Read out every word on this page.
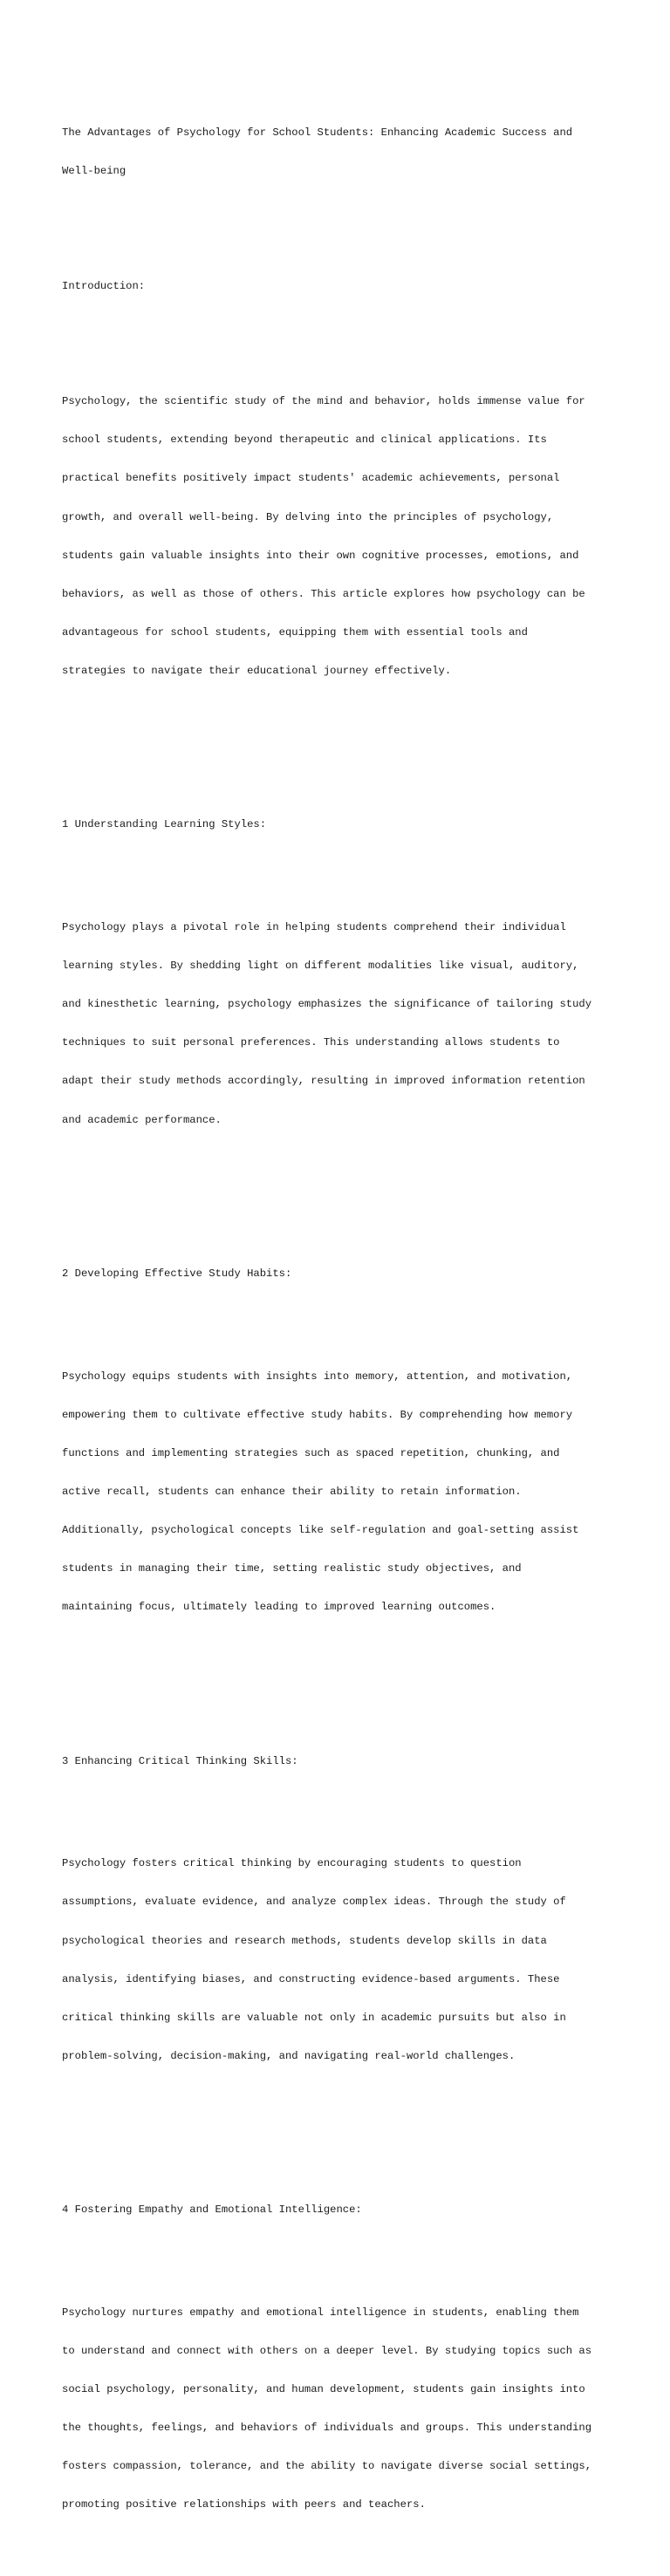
The Advantages of Psychology for School Students: Enhancing Academic Success and

Well-being

Introduction:

Psychology, the scientific study of the mind and behavior, holds immense value for

school students, extending beyond therapeutic and clinical applications. Its

practical benefits positively impact students' academic achievements, personal

growth, and overall well-being. By delving into the principles of psychology,

students gain valuable insights into their own cognitive processes, emotions, and

behaviors, as well as those of others. This article explores how psychology can be

advantageous for school students, equipping them with essential tools and

strategies to navigate their educational journey effectively.

1 Understanding Learning Styles:

Psychology plays a pivotal role in helping students comprehend their individual

learning styles. By shedding light on different modalities like visual, auditory,

and kinesthetic learning, psychology emphasizes the significance of tailoring study

techniques to suit personal preferences. This understanding allows students to

adapt their study methods accordingly, resulting in improved information retention

and academic performance.

2 Developing Effective Study Habits:

Psychology equips students with insights into memory, attention, and motivation,

empowering them to cultivate effective study habits. By comprehending how memory

functions and implementing strategies such as spaced repetition, chunking, and

active recall, students can enhance their ability to retain information.

Additionally, psychological concepts like self-regulation and goal-setting assist

students in managing their time, setting realistic study objectives, and

maintaining focus, ultimately leading to improved learning outcomes.

3 Enhancing Critical Thinking Skills:

Psychology fosters critical thinking by encouraging students to question

assumptions, evaluate evidence, and analyze complex ideas. Through the study of

psychological theories and research methods, students develop skills in data

analysis, identifying biases, and constructing evidence-based arguments. These

critical thinking skills are valuable not only in academic pursuits but also in

problem-solving, decision-making, and navigating real-world challenges.

4 Fostering Empathy and Emotional Intelligence:

Psychology nurtures empathy and emotional intelligence in students, enabling them

to understand and connect with others on a deeper level. By studying topics such as

social psychology, personality, and human development, students gain insights into

the thoughts, feelings, and behaviors of individuals and groups. This understanding

fosters compassion, tolerance, and the ability to navigate diverse social settings,

promoting positive relationships with peers and teachers.
